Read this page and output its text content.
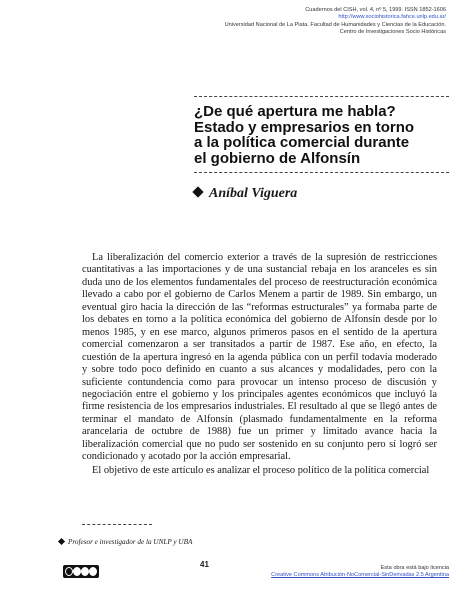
Cuadernos del CISH, vol. 4, nº 5, 1999. ISSN 1852-1606
http://www.sociohistorica.fahce.unlp.edu.ar/
Universidad Nacional de La Plata. Facultad de Humanidades y Ciencias de la Educación.
Centro de Investigaciones Socio Históricas
¿De qué apertura me habla?
Estado y empresarios en torno
a la política comercial durante
el gobierno de Alfonsín
Aníbal Viguera

La liberalización del comercio exterior a través de la supresión de restricciones cuantitativas a las importaciones y de una sustancial rebaja en los aranceles es sin duda uno de los elementos fundamentales del proceso de reestructuración económica llevado a cabo por el gobierno de Carlos Menem a partir de 1989. Sin embargo, un eventual giro hacia la dirección de las “reformas estructurales” ya formaba parte de los debates en torno a la política económica del gobierno de Alfonsín desde por lo menos 1985, y en ese marco, algunos primeros pasos en el sentido de la apertura comercial comenzaron a ser transitados a partir de 1987. Ese año, en efecto, la cuestión de la apertura ingresó en la agenda pública con un perfil todavía moderado y sobre todo poco definido en cuanto a sus alcances y modalidades, pero con la suficiente contundencia como para provocar un intenso proceso de discusión y negociación entre el gobierno y los principales agentes económicos que incluyó la firme resistencia de los empresarios industriales. El resultado al que se llegó antes de terminar el mandato de Alfonsín (plasmado fundamentalmente en la reforma arancelaria de octubre de 1988) fue un primer y limitado avance hacia la liberalización comercial que no pudo ser sostenido en su conjunto pero sí logró ser condicionado y acotado por la acción empresarial.

El objetivo de este artículo es analizar el proceso político de la política comercial

Profesor e investigador de la UNLP y UBA
41	Esta obra está bajo licencia
Creative Commons Atribución-NoComercial-SinDerivadas 2.5 Argentina
